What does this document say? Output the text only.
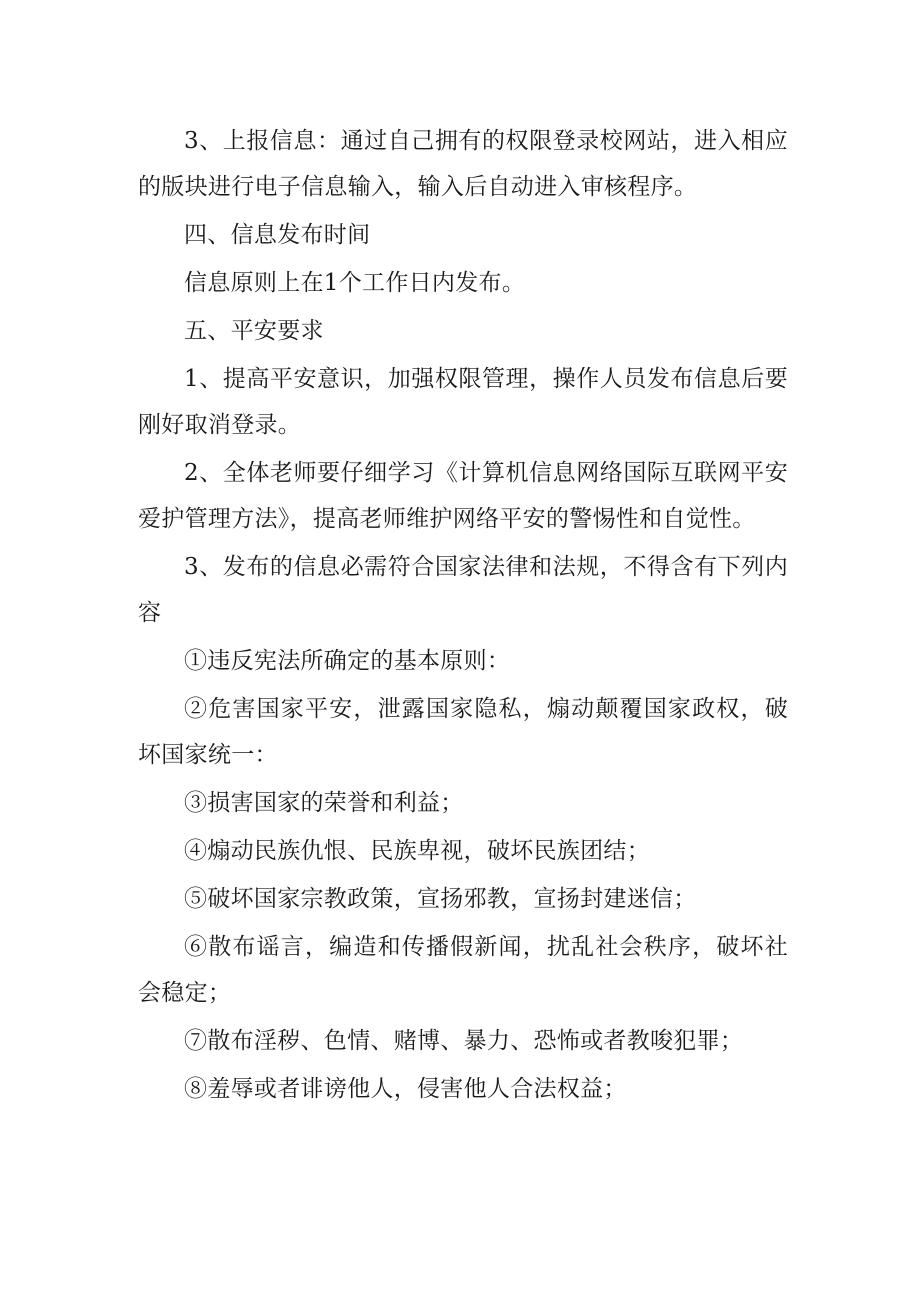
3、上报信息：通过自己拥有的权限登录校网站，进入相应的版块进行电子信息输入，输入后自动进入审核程序。

四、信息发布时间

信息原则上在1个工作日内发布。

五、平安要求

1、提高平安意识，加强权限管理，操作人员发布信息后要刚好取消登录。

2、全体老师要仔细学习《计算机信息网络国际互联网平安爱护管理方法》，提高老师维护网络平安的警惕性和自觉性。

3、发布的信息必需符合国家法律和法规，不得含有下列内容

①违反宪法所确定的基本原则：

②危害国家平安，泄露国家隐私，煽动颠覆国家政权，破坏国家统一：

③损害国家的荣誉和利益；

④煽动民族仇恨、民族卑视，破坏民族团结；

⑤破坏国家宗教政策，宣扬邪教，宣扬封建迷信；

⑥散布谣言，编造和传播假新闻，扰乱社会秩序，破坏社会稳定；

⑦散布淫秽、色情、赌博、暴力、恐怖或者教唆犯罪；

⑧羞辱或者诽谤他人，侵害他人合法权益；
